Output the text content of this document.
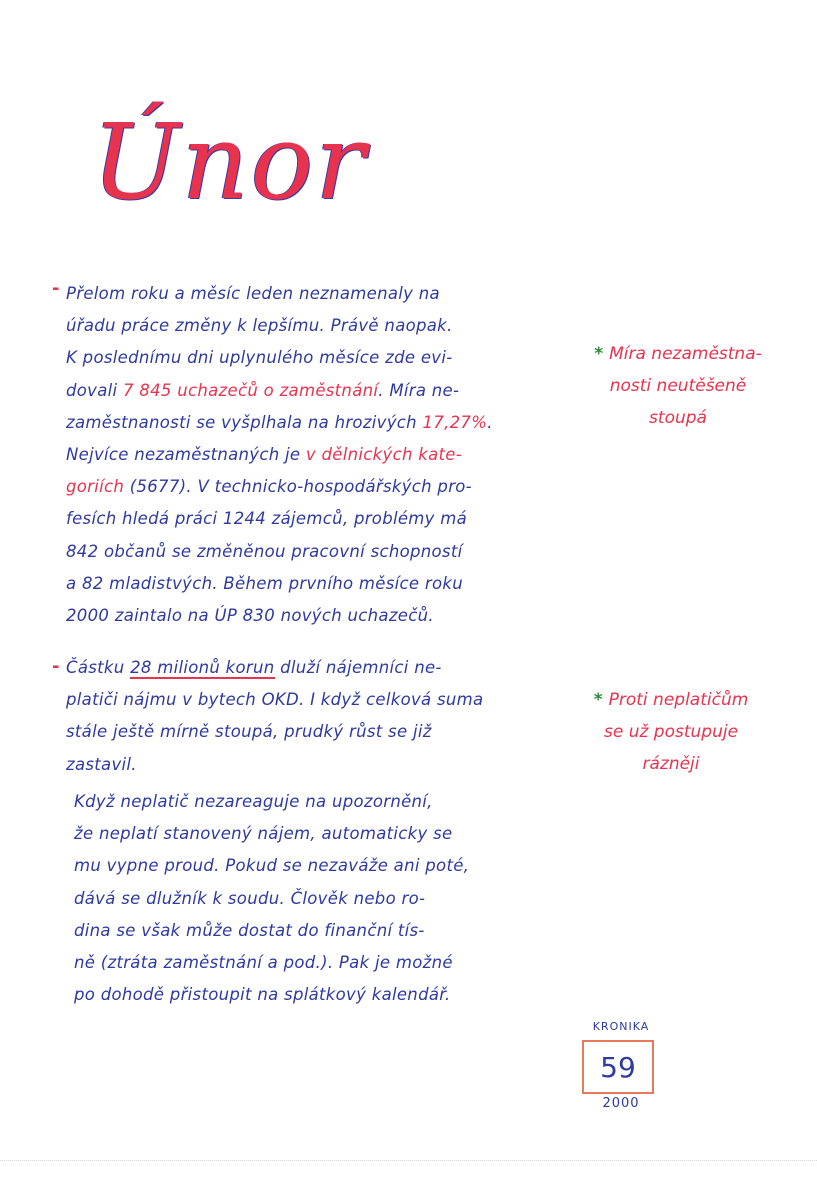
Únor
- Přelom roku a měsíc leden neznamenaly na
úřadu práce změny k lepšímu. Právě naopak.
K poslednímu dni uplynulého měsíce zde evi-
dovali 7 845 uchazečů o zaměstnání. Míra ne-
zaměstnanosti se vyšplhala na hrozivých 17,27%.
Nejvíce nezaměstnaných je v dělnických kate-
goriích (5677). V technicko-hospodářských pro-
fesích hledá práci 1244 zájemců, problémy má
842 občanů se změněnou pracovní schopností
a 82 mladistvých. Během prvního měsíce roku
2000 zaintalo na ÚP 830 nových uchazečů.
* Míra nezaměstna-
nosti neutěšeně
stoupá
- Částku 28 milionů korun dluží nájemníci ne-
platiči nájmu v bytech OKD. I když celková suma
stále ještě mírně stoupá, prudký růst se již
zastavil.
Když neplatič nezareaguje na upozornění,
že neplatí stanovený nájem, automaticky se
mu vypne proud. Pokud se nezaváže ani poté,
dává se dlužník k soudu. Člověk nebo ro-
dina se však může dostat do finanční tís-
ně (ztráta zaměstnání a pod.). Pak je možné
po dohodě přistoupit na splátkový kalendář.
* Proti neplatičům
se už postupuje
rázněji
KRONIKA
59
2000
